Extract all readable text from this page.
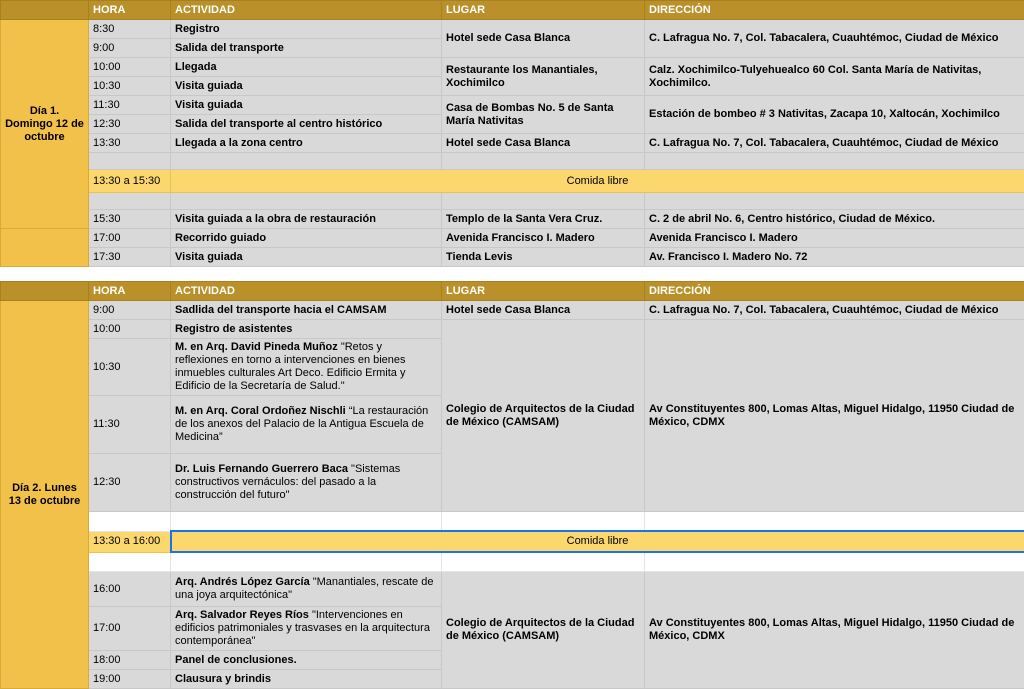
	HORA	ACTIVIDAD	LUGAR	DIRECCIÓN
Día 1. Domingo 12 de octubre	8:30	Registro	Hotel sede Casa Blanca	C. Lafragua No. 7, Col. Tabacalera, Cuauhtémoc, Ciudad de México
	9:00	Salida del transporte		
	10:00	Llegada	Restaurante los Manantiales, Xochimilco	Calz. Xochimilco-Tulyehuealco 60 Col. Santa María de Nativitas, Xochimilco.
	10:30	Visita guiada		
	11:30	Visita guiada	Casa de Bombas No. 5 de Santa María Nativitas	Estación de bombeo # 3 Nativitas, Zacapa 10, Xaltocán, Xochimilco
	12:30	Salida del transporte al centro histórico		
	13:30	Llegada a la zona centro	Hotel sede Casa Blanca	C. Lafragua No. 7, Col. Tabacalera, Cuauhtémoc, Ciudad de México

	13:30 a 15:30	Comida libre		

	15:30	Visita guiada a la obra de restauración	Templo de la Santa Vera Cruz.	C. 2 de abril No. 6, Centro histórico, Ciudad de México.
	17:00	Recorrido guiado	Avenida Francisco I. Madero	Avenida Francisco I. Madero
	17:30	Visita guiada	Tienda Levis	Av. Francisco I. Madero No. 72
	HORA	ACTIVIDAD	LUGAR	DIRECCIÓN
Día 2. Lunes 13 de octubre	9:00	Sadlida del transporte hacia el CAMSAM	Hotel sede Casa Blanca	C. Lafragua No. 7, Col. Tabacalera, Cuauhtémoc, Ciudad de México
	10:00	Registro de asistentes	Colegio de Arquitectos de la Ciudad de México (CAMSAM)	Av Constituyentes 800, Lomas Altas, Miguel Hidalgo, 11950 Ciudad de México, CDMX
	10:30	M. en Arq. David Pineda Muñoz "Retos y reflexiones en torno a intervenciones en bienes inmuebles culturales Art Deco. Edificio Ermita y Edificio de la Secretaría de Salud."		
	11:30	M. en Arq. Coral Ordoñez Nischli “La restauración de los anexos del Palacio de la Antigua Escuela de Medicina”		
	12:30	Dr. Luis Fernando Guerrero Baca "Sistemas constructivos vernáculos: del pasado a la construcción del futuro"		

	13:30 a 16:00	Comida libre		

	16:00	Arq. Andrés López García "Manantiales, rescate de una joya arquitectónica"	Colegio de Arquitectos de la Ciudad de México (CAMSAM)	Av Constituyentes 800, Lomas Altas, Miguel Hidalgo, 11950 Ciudad de México, CDMX
	17:00	Arq. Salvador Reyes Ríos "Intervenciones en edificios patrimoniales y trasvases en la arquitectura contemporánea"		
	18:00	Panel de conclusiones.		
	19:00	Clausura y brindis		
